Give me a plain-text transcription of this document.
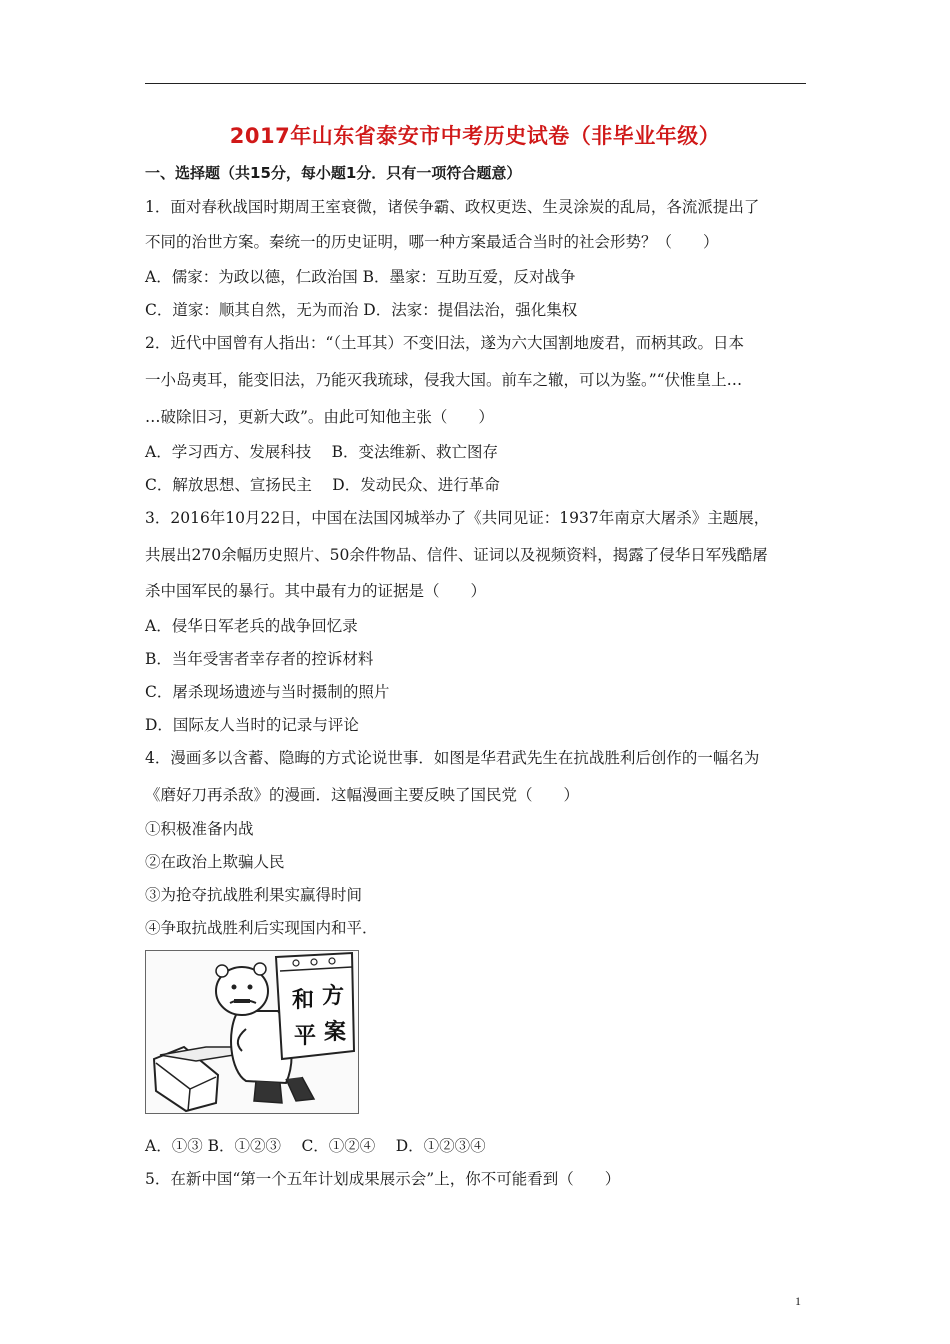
2017年山东省泰安市中考历史试卷（非毕业年级）
一、选择题（共15分，每小题1分．只有一项符合题意）
1．面对春秋战国时期周王室衰微，诸侯争霸、政权更迭、生灵涂炭的乱局，各流派提出了
不同的治世方案。秦统一的历史证明，哪一种方案最适合当时的社会形势？（　　）
A．儒家：为政以德，仁政治国 B．墨家：互助互爱，反对战争
C．道家：顺其自然，无为而治 D．法家：提倡法治，强化集权
2．近代中国曾有人指出：“（土耳其）不变旧法，遂为六大国割地废君，而柄其政。日本
一小岛夷耳，能变旧法，乃能灭我琉球，侵我大国。前车之辙，可以为鉴。”“伏惟皇上…
…破除旧习，更新大政”。由此可知他主张（　　）
A．学习西方、发展科技　 B．变法维新、救亡图存
C．解放思想、宣扬民主　 D．发动民众、进行革命
3．2016年10月22日，中国在法国冈城举办了《共同见证：1937年南京大屠杀》主题展，
共展出270余幅历史照片、50余件物品、信件、证词以及视频资料，揭露了侵华日军残酷屠
杀中国军民的暴行。其中最有力的证据是（　　）
A．侵华日军老兵的战争回忆录
B．当年受害者幸存者的控诉材料
C．屠杀现场遗迹与当时摄制的照片
D．国际友人当时的记录与评论
4．漫画多以含蓄、隐晦的方式论说世事．如图是华君武先生在抗战胜利后创作的一幅名为
《磨好刀再杀敌》的漫画．这幅漫画主要反映了国民党（　　）
①积极准备内战
②在政治上欺骗人民
③为抢夺抗战胜利果实赢得时间
④争取抗战胜利后实现国内和平．
和 方
平 案
A．①③ B．①②③　 C．①②④　 D．①②③④
5．在新中国“第一个五年计划成果展示会”上，你不可能看到（　　）
1
